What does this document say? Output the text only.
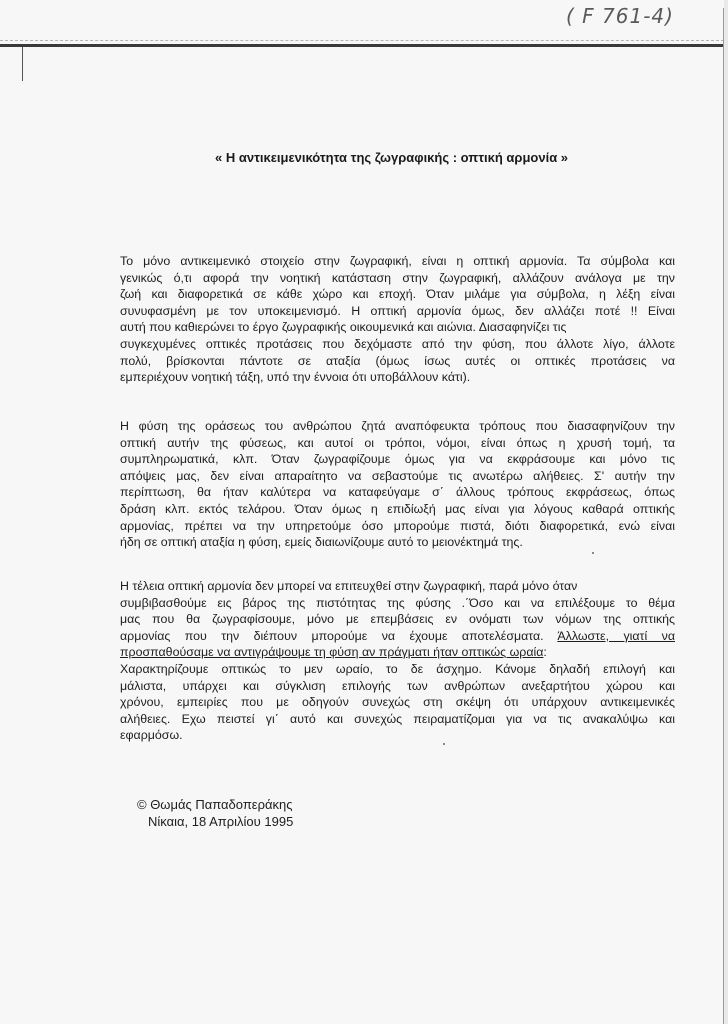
( F 761-4)
« Η αντικειμενικότητα της ζωγραφικής : οπτική αρμονία »
Το μόνο αντικειμενικό στοιχείο στην ζωγραφική, είναι η οπτική αρμονία. Τα σύμβολα και
γενικώς ό,τι αφορά την νοητική κατάσταση στην ζωγραφική, αλλάζουν ανάλογα με την
ζωή και διαφορετικά σε κάθε χώρο και εποχή. Όταν μιλάμε για σύμβολα, η λέξη είναι
συνυφασμένη με τον υποκειμενισμό. Η οπτική αρμονία όμως, δεν αλλάζει ποτέ !! Είναι
αυτή που καθιερώνει το έργο ζωγραφικής οικουμενικά και αιώνια. Διασαφηνίζει τις
συγκεχυμένες οπτικές προτάσεις που δεχόμαστε από την φύση, που άλλοτε λίγο, άλλοτε
πολύ, βρίσκονται πάντοτε σε αταξία (όμως ίσως αυτές οι οπτικές προτάσεις να
εμπεριέχουν νοητική τάξη, υπό την έννοια ότι υποβάλλουν κάτι).
Η φύση της οράσεως του ανθρώπου ζητά αναπόφευκτα τρόπους που διασαφηνίζουν την
οπτική αυτήν της φύσεως, και αυτοί οι τρόποι, νόμοι, είναι όπως η χρυσή τομή, τα
συμπληρωματικά, κλπ. Όταν ζωγραφίζουμε όμως για να εκφράσουμε και μόνο τις
απόψεις μας, δεν είναι απαραίτητο να σεβαστούμε τις ανωτέρω αλήθειες. Σ' αυτήν την
περίπτωση, θα ήταν καλύτερα να καταφεύγαμε σ΄ άλλους τρόπους εκφράσεως, όπως
δράση κλπ. εκτός τελάρου. Όταν όμως η επιδίωξή μας είναι για λόγους καθαρά οπτικής
αρμονίας, πρέπει να την υπηρετούμε όσο μπορούμε πιστά, διότι διαφορετικά, ενώ είναι
ήδη σε οπτική αταξία η φύση, εμείς διαιωνίζουμε αυτό το μειονέκτημά της.
Η τέλεια οπτική αρμονία δεν μπορεί να επιτευχθεί στην ζωγραφική, παρά μόνο όταν
συμβιβασθούμε εις βάρος της πιστότητας της φύσης .΄Όσο και να επιλέξουμε το θέμα
μας που θα ζωγραφίσουμε, μόνο με επεμβάσεις εν ονόματι των νόμων της οπτικής
αρμονίας που την διέπουν μπορούμε να έχουμε αποτελέσματα. Άλλωστε, γιατί να
προσπαθούσαμε να αντιγράψουμε τη φύση αν πράγματι ήταν οπτικώς ωραία:
Χαρακτηρίζουμε οπτικώς το μεν ωραίο, το δε άσχημο. Κάνομε δηλαδή επιλογή και
μάλιστα, υπάρχει και σύγκλιση επιλογής των ανθρώπων ανεξαρτήτου χώρου και
χρόνου, εμπειρίες που με οδηγούν συνεχώς στη σκέψη ότι υπάρχουν αντικειμενικές
αλήθειες. Εχω πειστεί γι΄ αυτό και συνεχώς πειραματίζομαι για να τις ανακαλύψω και
εφαρμόσω.
© Θωμάς Παπαδοπεράκης
Νίκαια, 18 Απριλίου 1995
